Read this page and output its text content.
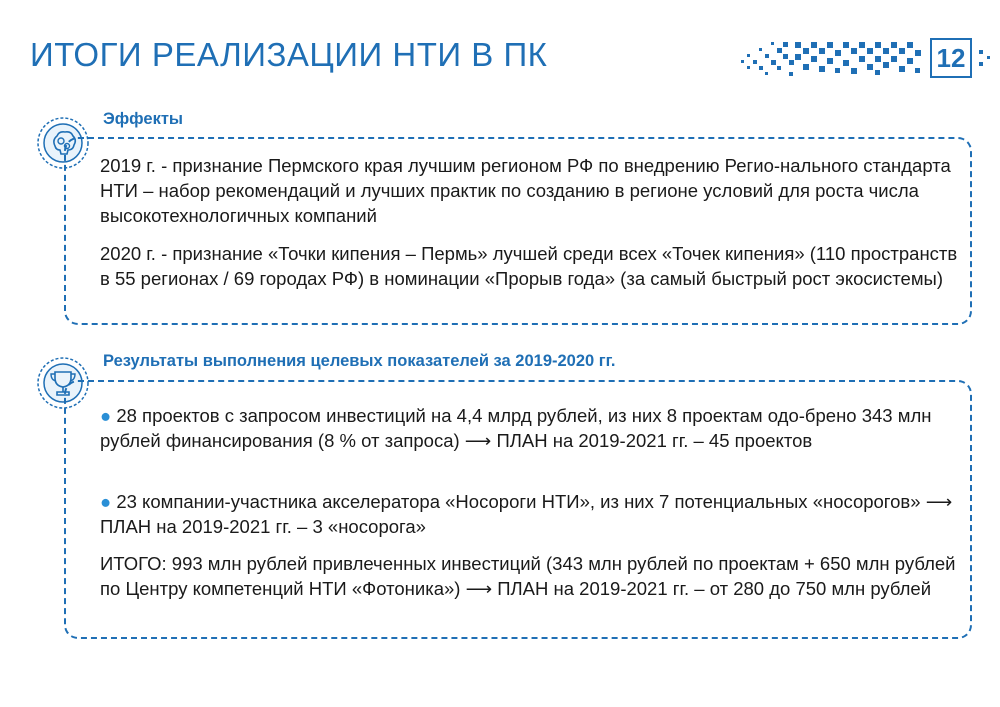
ИТОГИ РЕАЛИЗАЦИИ НТИ В ПК	12
Эффекты

2019 г. - признание Пермского края лучшим регионом РФ по внедрению Регио-нального стандарта НТИ – набор рекомендаций и лучших практик по созданию в регионе условий для роста числа высокотехнологичных компаний

2020 г. - признание «Точки кипения – Пермь» лучшей среди всех «Точек кипения» (110 пространств в 55 регионах / 69 городах РФ) в номинации «Прорыв года» (за самый быстрый рост экосистемы)

Результаты выполнения целевых показателей за 2019-2020 гг.

● 28 проектов с запросом инвестиций на 4,4 млрд рублей, из них 8 проектам одо-брено 343 млн рублей финансирования (8 % от запроса) ⟶ ПЛАН на 2019-2021 гг. – 45 проектов

● 23 компании-участника акселератора «Носороги НТИ», из них 7 потенциальных «носорогов» ⟶ ПЛАН на 2019-2021 гг. – 3 «носорога»

ИТОГО: 993 млн рублей привлеченных инвестиций (343 млн рублей по проектам + 650 млн рублей по Центру компетенций НТИ «Фотоника») ⟶ ПЛАН на 2019-2021 гг. – от 280 до 750 млн рублей
